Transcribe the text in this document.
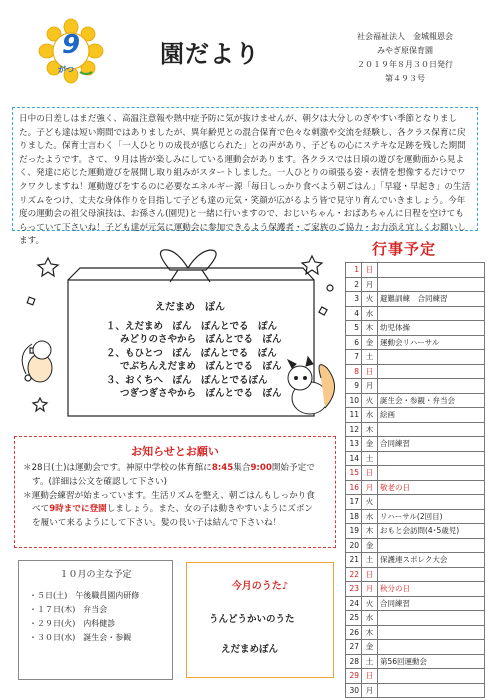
9
がつ
園だより
社会福祉法人　金城報恩会
みやぎ原保育園
２０１９年８月３０日発行
第４９３号
日中の日差しはまだ強く、高温注意報や熱中症予防に気が抜けませんが、朝夕は大分しのぎやすい季節となりました。子ども達は短い期間ではありましたが、異年齢児との混合保育で色々な刺激や交流を経験し、各クラス保育に戻りました。保育士言わく「一人ひとりの成長が感じられた」との声があり、子どもの心にステキな足跡を残した期間だったようです。さて、９月は皆が楽しみにしている運動会があります。各クラスでは日頃の遊びを運動面から見よく、発達に応じた運動遊びを展開し取り組みがスタートしました。一人ひとりの頑張る姿・表情を想像するだけでワクワクしますね！運動遊びをするのに必要なエネルギー源「毎日しっかり食べよう朝ごはん」「早寝・早起き」の生活リズムをつけ、丈夫な身体作りを目指して子ども達の元気・笑顔が広がるよう皆で見守り育んでいきましょう。今年度の運動会の祖父母演技は、お孫さん(園児)と一緒に行いますので、おじいちゃん・おばあちゃんに日程を空けてもらっていて下さいね！子ども達が元気に運動会に参加できるよう保護者・ご家族のご協力・お力添え宜しくお願いします。	行事予定
1	日	
2	月	
3	火	避難訓練　合同練習
4	水	
5	木	幼児体操
6	金	運動会リハーサル
7	土	
8	日	
9	月	
10	火	誕生会・参観・弁当会
11	水	絵画
12	木	
13	金	合同練習
14	土	
15	日	
16	月	敬老の日
17	火	
18	水	リハーサル(2回目)
19	木	おもと会訪問(4･5歳児)
20	金	
21	土	保護連スポレク大会
22	日	
23	月	秋分の日
24	火	合同練習
25	水	
26	木	
27	金	
28	土	第56回運動会
29	日	
30	月	
えだまめ　ぽん
１、えだまめ　ぽん　ぽんとでる　ぽん
みどりのさやから　ぽんとでる　ぽん
２、もひとつ　ぽん　ぽんとでる　ぽん
でぶちんえだまめ　ぽんとでる　ぽん
３、おくちへ　ぽん　ぽんとでるぽん
つぎつぎさやから　ぽんとでる　ぽん
お知らせとお願い
＊28日(土)は運動会です。神原中学校の体育館に8:45集合9:00開始予定で
す。(詳細は公文を確認して下さい)
＊運動会練習が始まっています。生活リズムを整え、朝ごはんもしっかり食
べて9時までに登園しましょう。また、女の子は動きやすいようにズボン
を履いて来るようにして下さい。髪の長い子は結んで下さいね！
１０月の主な予定
・５日(土)　午後職員園内研修
・１７日(木)　弁当会
・２９日(火)　内科健診
・３０日(水)　誕生会・参観
今月のうた♪
うんどうかいのうた
えだまめぽん
